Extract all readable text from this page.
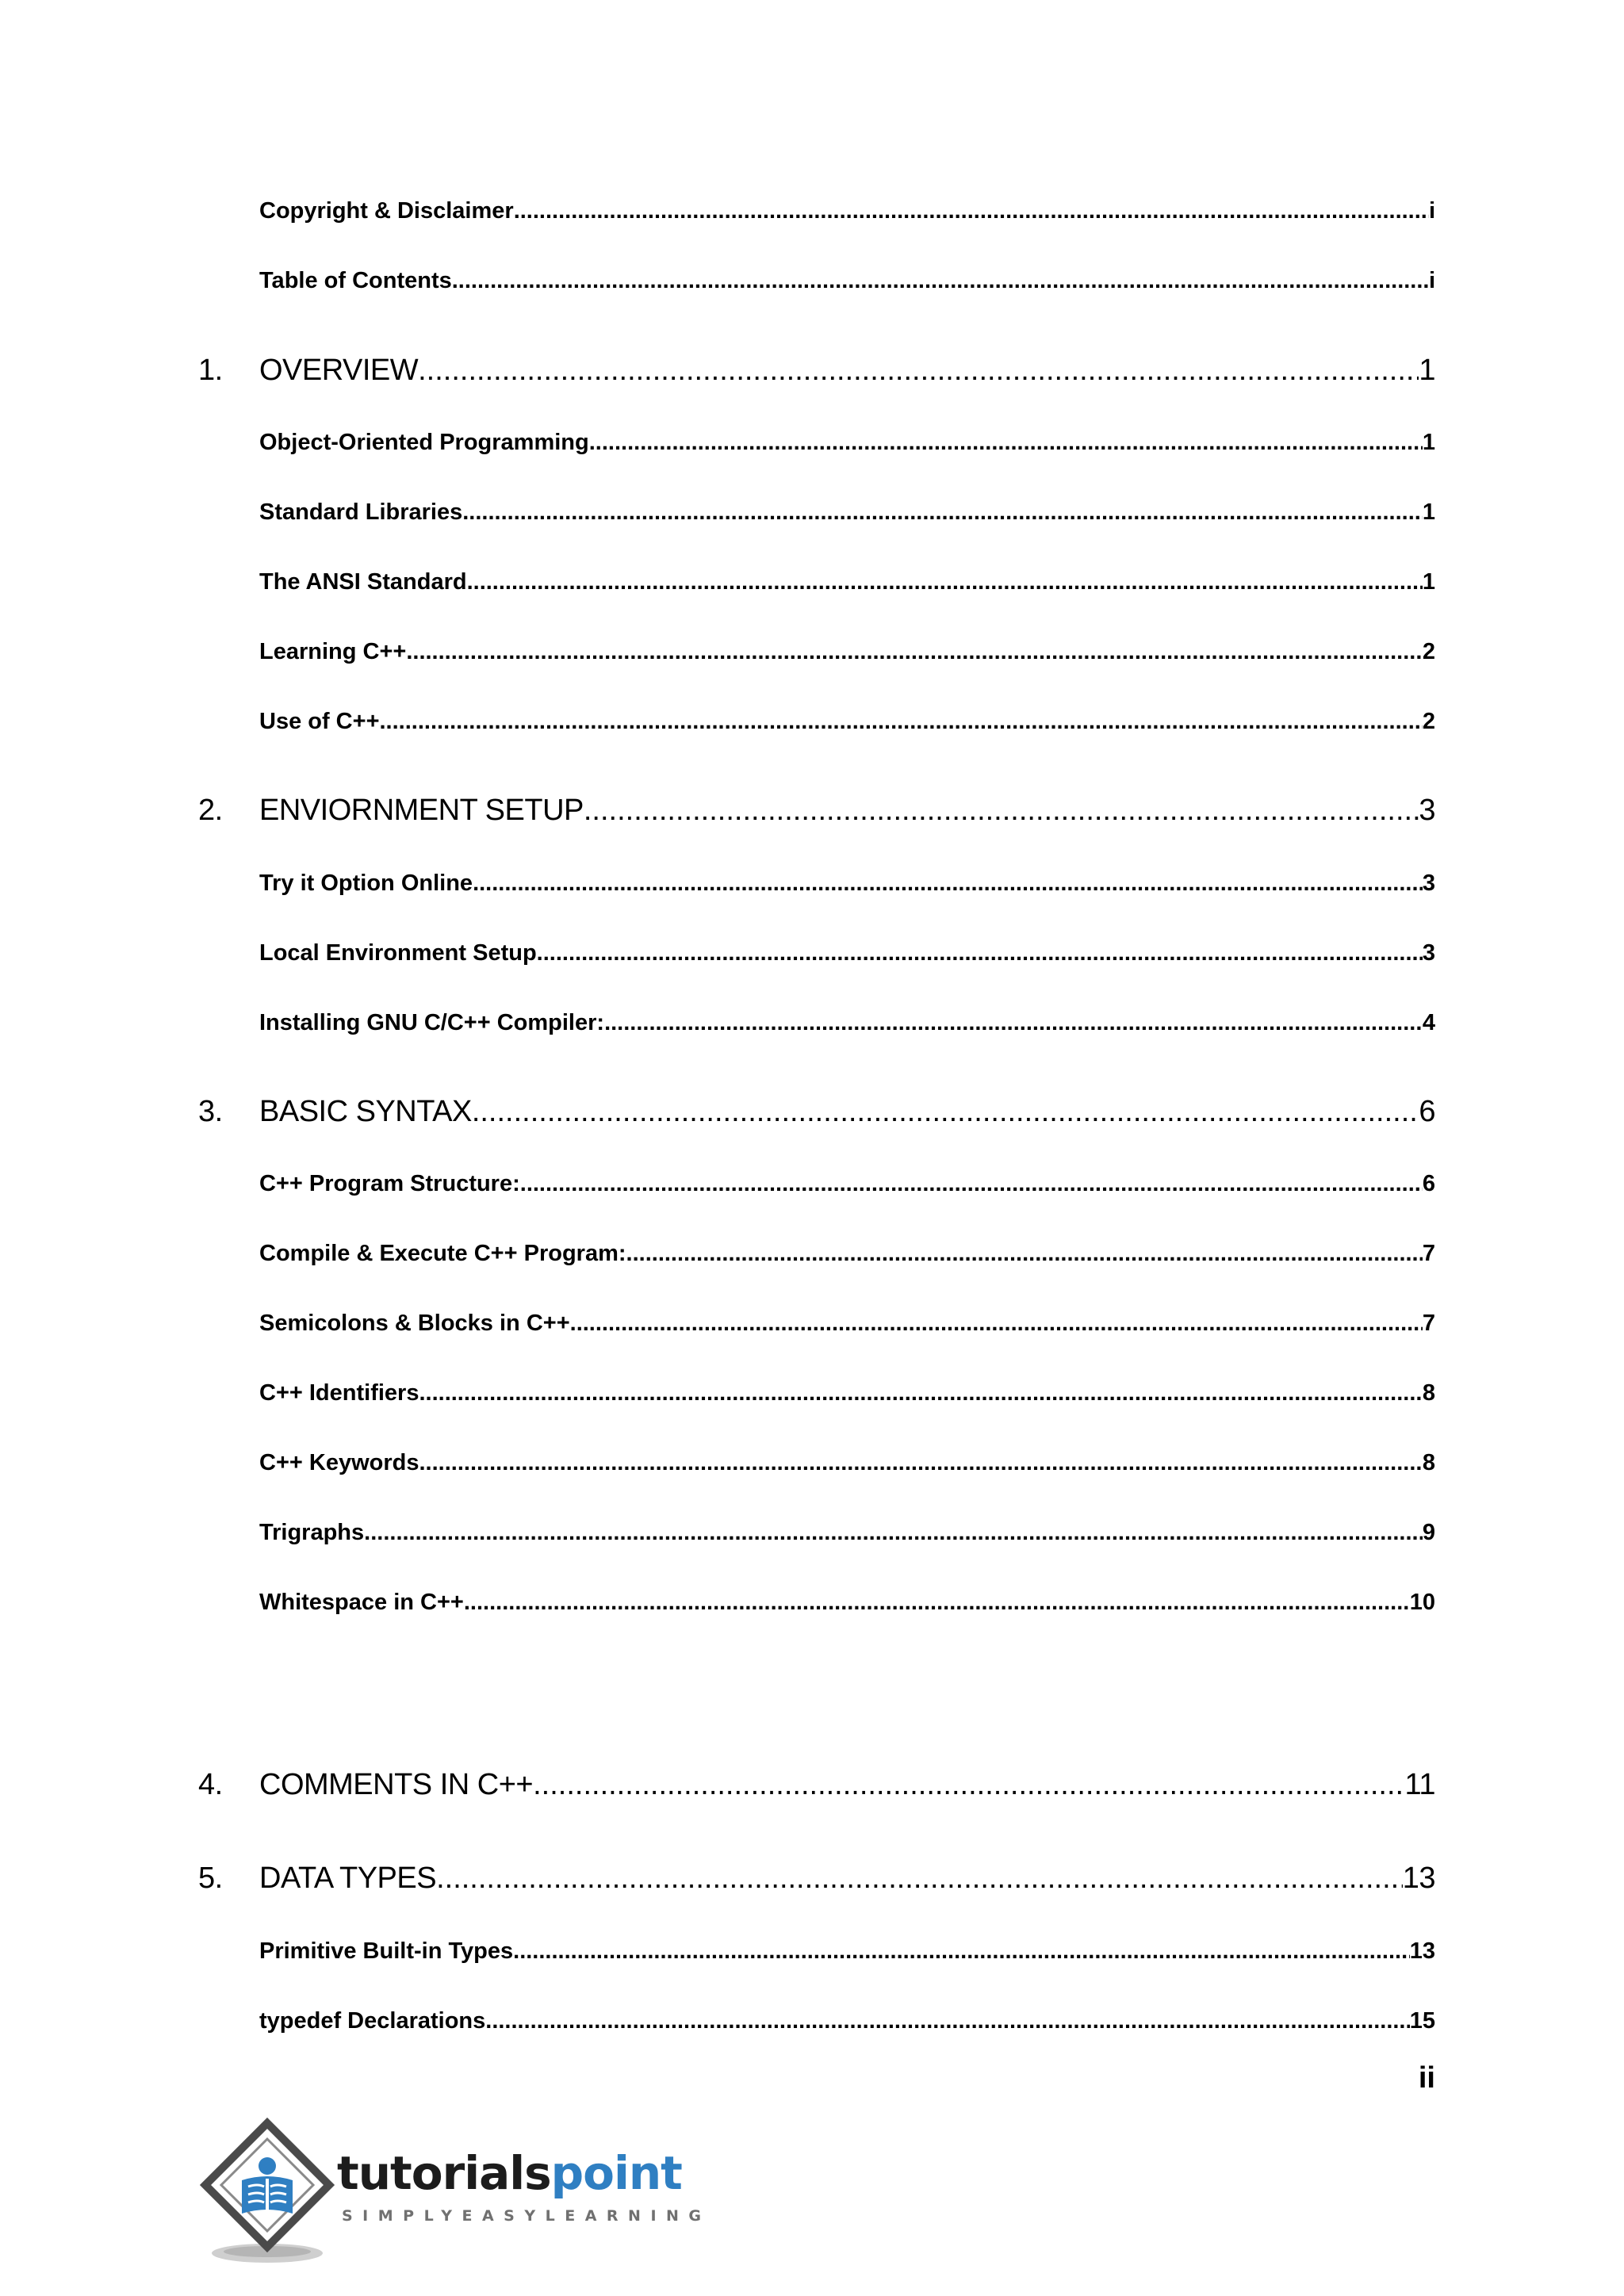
Copyright & Disclaimer .....	i
Table of Contents .....	i
1. OVERVIEW .....	1
Object-Oriented Programming .....	1
Standard Libraries .....	1
The ANSI Standard .....	1
Learning C++ .....	2
Use of C++ .....	2
2. ENVIORNMENT SETUP .....	3
Try it Option Online .....	3
Local Environment Setup .....	3
Installing GNU C/C++ Compiler: .....	4
3. BASIC SYNTAX .....	6
C++ Program Structure: .....	6
Compile & Execute C++ Program: .....	7
Semicolons & Blocks in C++ .....	7
C++ Identifiers .....	8
C++ Keywords .....	8
Trigraphs .....	9
Whitespace in C++ .....	10
4. COMMENTS IN C++ .....	11
5. DATA TYPES .....	13
Primitive Built-in Types .....	13
typedef Declarations .....	15
ii
tutorialspoint
SIMPLYEASYLEARNING
